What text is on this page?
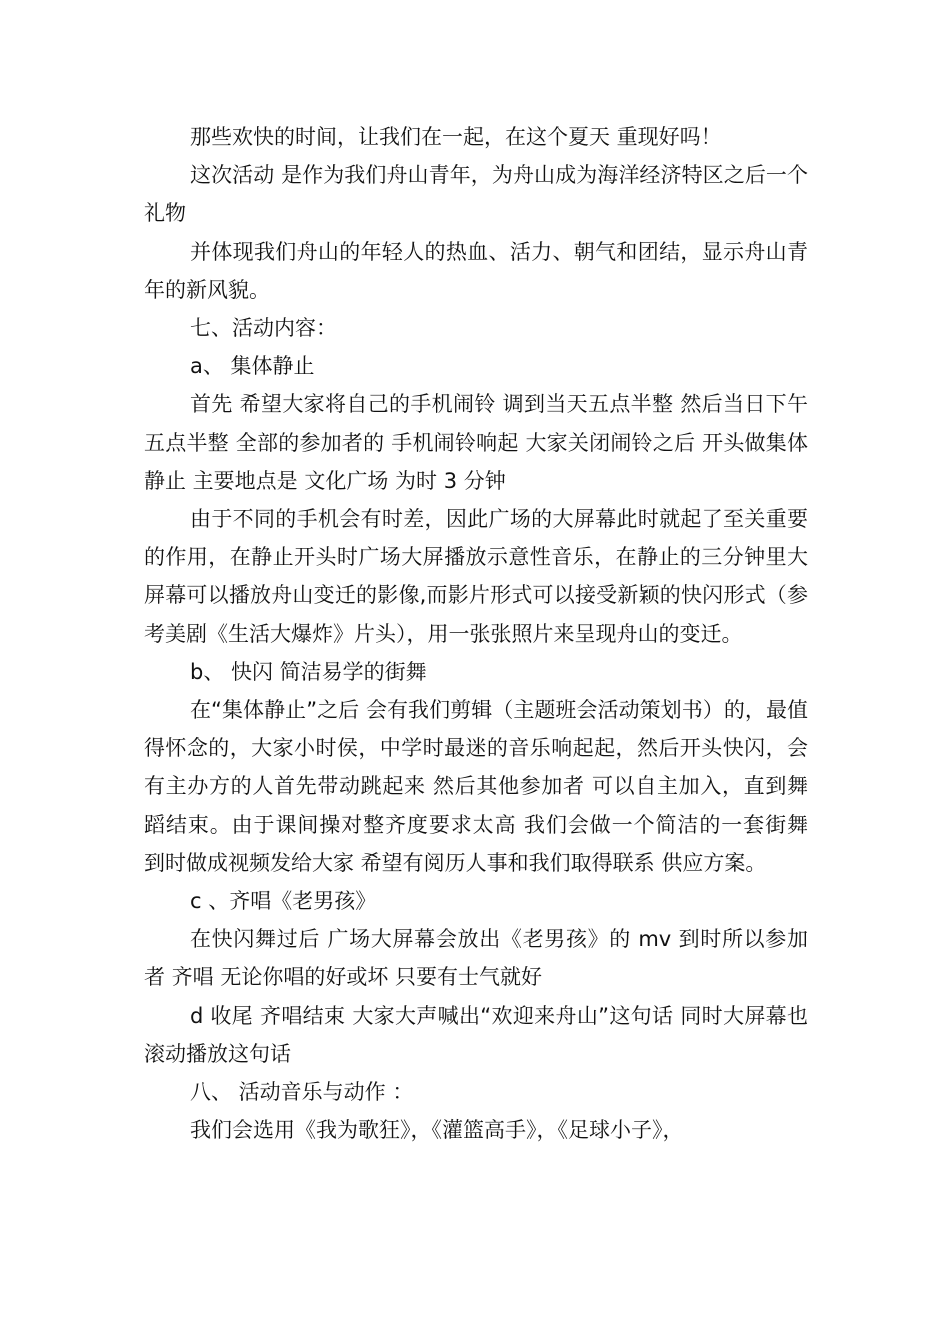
那些欢快的时间，让我们在一起，在这个夏天 重现好吗！

这次活动 是作为我们舟山青年，为舟山成为海洋经济特区之后一个礼物

并体现我们舟山的年轻人的热血、活力、朝气和团结，显示舟山青年的新风貌。

七、活动内容：

a、 集体静止

首先 希望大家将自己的手机闹铃 调到当天五点半整 然后当日下午五点半整 全部的参加者的 手机闹铃响起 大家关闭闹铃之后 开头做集体静止 主要地点是 文化广场 为时 3 分钟

由于不同的手机会有时差，因此广场的大屏幕此时就起了至关重要的作用，在静止开头时广场大屏播放示意性音乐，在静止的三分钟里大屏幕可以播放舟山变迁的影像,而影片形式可以接受新颖的快闪形式（参考美剧《生活大爆炸》片头），用一张张照片来呈现舟山的变迁。

b、 快闪 简洁易学的街舞

在“集体静止”之后 会有我们剪辑（主题班会活动策划书）的，最值得怀念的，大家小时侯，中学时最迷的音乐响起起，然后开头快闪，会有主办方的人首先带动跳起来 然后其他参加者 可以自主加入，直到舞蹈结束。由于课间操对整齐度要求太高 我们会做一个简洁的一套街舞 到时做成视频发给大家 希望有阅历人事和我们取得联系 供应方案。

c 、齐唱《老男孩》

在快闪舞过后 广场大屏幕会放出《老男孩》的 mv 到时所以参加者 齐唱 无论你唱的好或坏 只要有士气就好

d 收尾 齐唱结束 大家大声喊出“欢迎来舟山”这句话 同时大屏幕也滚动播放这句话

八、 活动音乐与动作 ：

我们会选用《我为歌狂》，《灌篮高手》，《足球小子》，
